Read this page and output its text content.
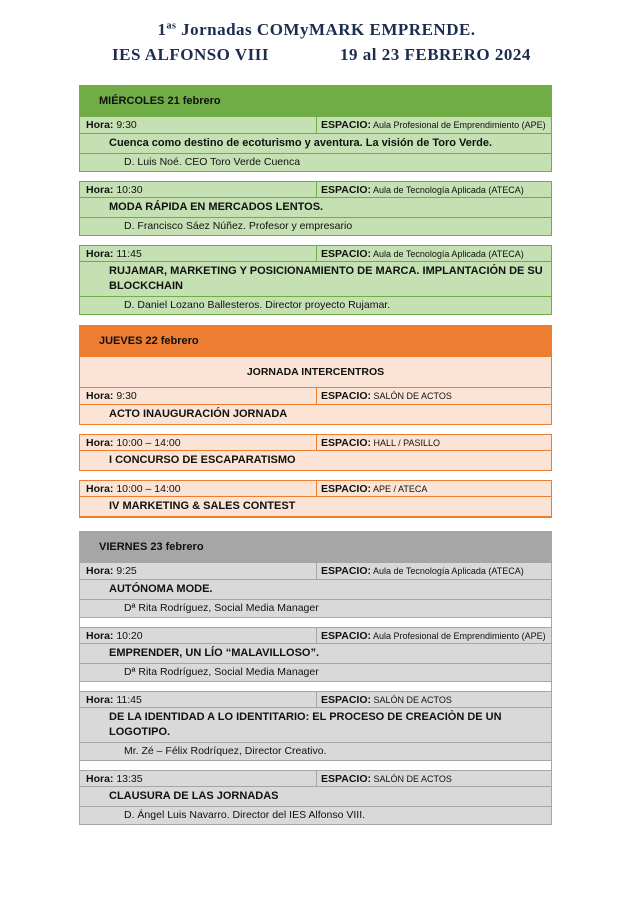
$1^{as}$ Jornadas COMyMARK EMPRENDE.
IES ALFONSO VIII	19 al 23 FEBRERO 2024
MIÉRCOLES 21 febrero
Hora: 9:30	ESPACIO: Aula Profesional de Emprendimiento (APE)
Cuenca como destino de ecoturismo y aventura. La visión de Toro Verde.
D. Luis Noé. CEO Toro Verde Cuenca
Hora: 10:30	ESPACIO: Aula de Tecnología Aplicada (ATECA)
MODA RÁPIDA EN MERCADOS LENTOS.
D. Francisco Sáez Núñez. Profesor y empresario
Hora: 11:45	ESPACIO: Aula de Tecnología Aplicada (ATECA)
RUJAMAR, MARKETING Y POSICIONAMIENTO DE MARCA. IMPLANTACIÓN DE SU BLOCKCHAIN
D. Daniel Lozano Ballesteros. Director proyecto Rujamar.
JUEVES 22 febrero
JORNADA INTERCENTROS
Hora: 9:30	ESPACIO: SALÓN DE ACTOS
ACTO INAUGURACIÓN JORNADA
Hora: 10:00 – 14:00	ESPACIO: HALL / PASILLO
I CONCURSO DE ESCAPARATISMO
Hora: 10:00 – 14:00	ESPACIO: APE / ATECA
IV MARKETING & SALES CONTEST
VIERNES 23 febrero
Hora: 9:25	ESPACIO: Aula de Tecnología Aplicada (ATECA)
AUTÓNOMA MODE.
Dª Rita Rodríguez, Social Media Manager
Hora: 10:20	ESPACIO: Aula Profesional de Emprendimiento (APE)
EMPRENDER, UN LÍO “MALAVILLOSO”.
Dª Rita Rodríguez, Social Media Manager
Hora: 11:45	ESPACIO: SALÓN DE ACTOS
DE LA IDENTIDAD A LO IDENTITARIO: EL PROCESO DE CREACIÒN DE UN LOGOTIPO.
Mr. Zé – Félix Rodríquez, Director Creativo.
Hora: 13:35	ESPACIO: SALÓN DE ACTOS
CLAUSURA DE LAS JORNADAS
D. Ángel Luis Navarro. Director del IES Alfonso VIII.
